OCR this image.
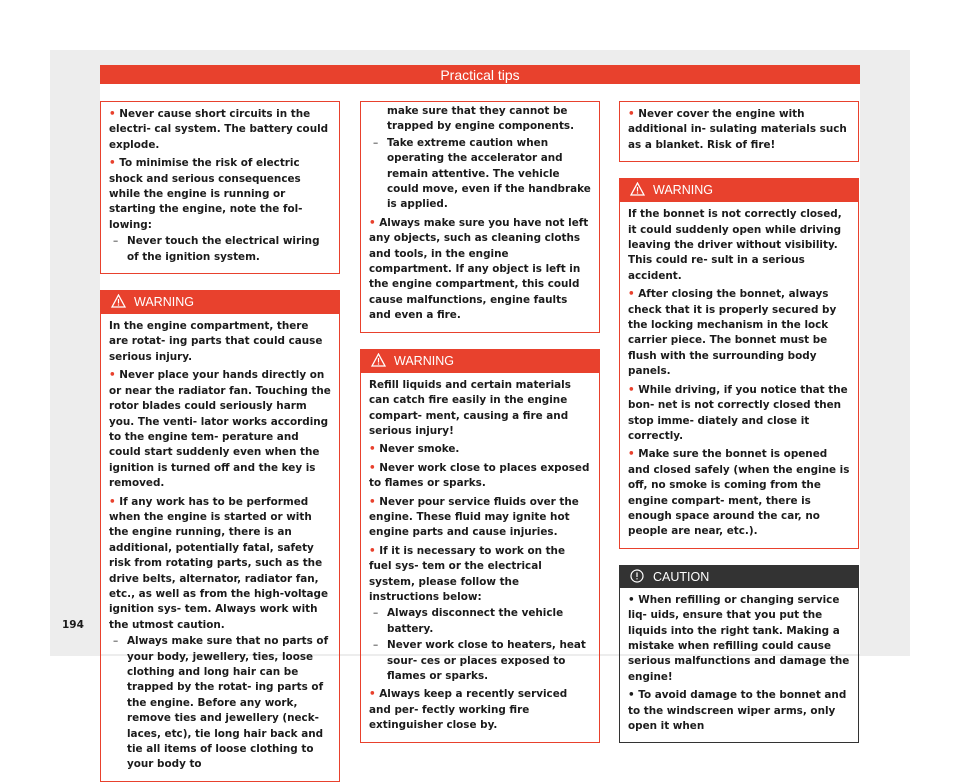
Practical tips

• Never cause short circuits in the electri- cal system. The battery could explode.

• To minimise the risk of electric shock and serious consequences while the engine is running or starting the engine, note the fol- lowing:

– Never touch the electrical wiring of the ignition system.

WARNING

In the engine compartment, there are rotat- ing parts that could cause serious injury.

• Never place your hands directly on or near the radiator fan. Touching the rotor blades could seriously harm you. The venti- lator works according to the engine tem- perature and could start suddenly even when the ignition is turned off and the key is removed.

• If any work has to be performed when the engine is started or with the engine running, there is an additional, potentially fatal, safety risk from rotating parts, such as the drive belts, alternator, radiator fan, etc., as well as from the high-voltage ignition sys- tem. Always work with the utmost caution.

– Always make sure that no parts of your body, jewellery, ties, loose clothing and long hair can be trapped by the rotat- ing parts of the engine. Before any work, remove ties and jewellery (neck- laces, etc), tie long hair back and tie all items of loose clothing to your body to

make sure that they cannot be trapped by engine components.

– Take extreme caution when operating the accelerator and remain attentive. The vehicle could move, even if the handbrake is applied.

• Always make sure you have not left any objects, such as cleaning cloths and tools, in the engine compartment. If any object is left in the engine compartment, this could cause malfunctions, engine faults and even a fire.

WARNING

Refill liquids and certain materials can catch fire easily in the engine compart- ment, causing a fire and serious injury!

• Never smoke.

• Never work close to places exposed to flames or sparks.

• Never pour service fluids over the engine. These fluid may ignite hot engine parts and cause injuries.

• If it is necessary to work on the fuel sys- tem or the electrical system, please follow the instructions below:

– Always disconnect the vehicle battery.

– Never work close to heaters, heat sour- ces or places exposed to flames or sparks.

• Always keep a recently serviced and per- fectly working fire extinguisher close by.

• Never cover the engine with additional in- sulating materials such as a blanket. Risk of fire!

WARNING

If the bonnet is not correctly closed, it could suddenly open while driving leaving the driver without visibility. This could re- sult in a serious accident.

• After closing the bonnet, always check that it is properly secured by the locking mechanism in the lock carrier piece. The bonnet must be flush with the surrounding body panels.

• While driving, if you notice that the bon- net is not correctly closed then stop imme- diately and close it correctly.

• Make sure the bonnet is opened and closed safely (when the engine is off, no smoke is coming from the engine compart- ment, there is enough space around the car, no people are near, etc.).

CAUTION

• When refilling or changing service liq- uids, ensure that you put the liquids into the right tank. Making a mistake when refilling could cause serious malfunctions and damage the engine!

• To avoid damage to the bonnet and to the windscreen wiper arms, only open it when

194
